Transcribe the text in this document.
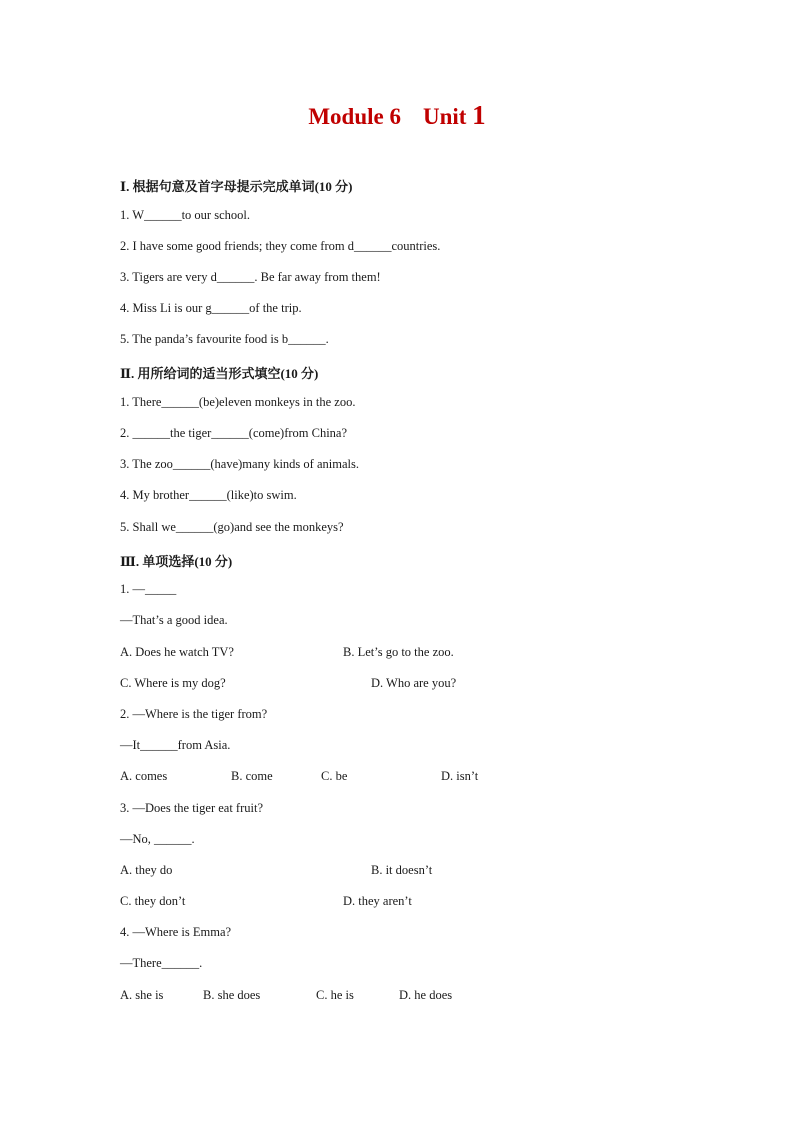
Module 6 Unit 1
Ⅰ. 根据句意及首字母提示完成单词(10 分)
1. W______to our school.
2. I have some good friends; they come from d______countries.
3. Tigers are very d______. Be far away from them!
4. Miss Li is our g______of the trip.
5. The panda’s favourite food is b______.
Ⅱ. 用所给词的适当形式填空(10 分)
1. There______(be)eleven monkeys in the zoo.
2. ______the tiger______(come)from China?
3. The zoo______(have)many kinds of animals.
4. My brother______(like)to swim.
5. Shall we______(go)and see the monkeys?
Ⅲ. 单项选择(10 分)
1. —_____
—That’s a good idea.
A. Does he watch TV?	B. Let’s go to the zoo.
C. Where is my dog?	D. Who are you?
2. —Where is the tiger from?
—It______from Asia.
A. comes	B. come	C. be	D. isn’t
3. —Does the tiger eat fruit?
—No, ______.
A. they do	B. it doesn’t
C. they don’t	D. they aren’t
4. —Where is Emma?
—There______.
A. she is	B. she does	C. he is	D. he does
